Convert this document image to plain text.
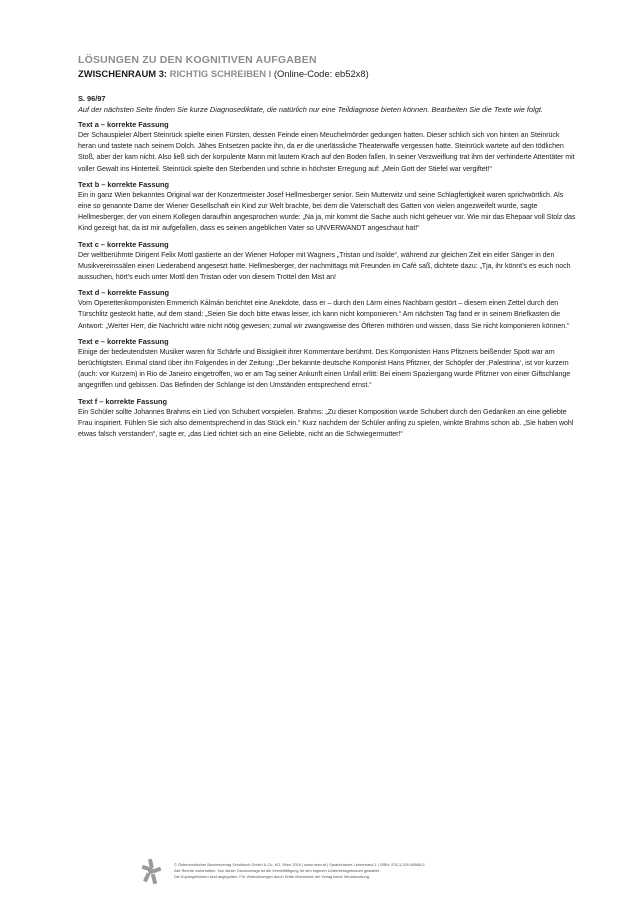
LÖSUNGEN ZU DEN KOGNITIVEN AUFGABEN
ZWISCHENRAUM 3: RICHTIG SCHREIBEN I (Online-Code: eb52x8)

S. 96/97

Auf der nächsten Seite finden Sie kurze Diagnosediktate, die natürlich nur eine Teildiagnose bieten können. Bearbeiten Sie die Texte wie folgt.

Text a – korrekte Fassung

Der Schauspieler Albert Steinrück spielte einen Fürsten, dessen Feinde einen Meuchelmörder gedungen hatten. Dieser schlich sich von hinten an Steinrück heran und tastete nach seinem Dolch. Jähes Entsetzen packte ihn, da er die unerlässliche Theaterwaffe vergessen hatte. Steinrück wartete auf den tödlichen Stoß, aber der kam nicht. Also ließ sich der korpulente Mann mit lautem Krach auf den Boden fallen. In seiner Verzweiflung trat ihm der verhinderte Attentäter mit voller Gewalt ins Hinterteil. Steinrück spielte den Sterbenden und schrie in höchster Erregung auf: „Mein Gott der Stiefel war vergiftet!“

Text b – korrekte Fassung

Ein in ganz Wien bekanntes Original war der Konzertmeister Josef Hellmesberger senior. Sein Mutterwitz und seine Schlagfertigkeit waren sprichwörtlich. Als eine so genannte Dame der Wiener Gesellschaft ein Kind zur Welt brachte, bei dem die Vaterschaft des Gatten von vielen angezweifelt wurde, sagte Hellmesberger, der von einem Kollegen daraufhin angesprochen wurde: „Na ja, mir kommt die Sache auch nicht geheuer vor. Wie mir das Ehepaar voll Stolz das Kind gezeigt hat, da ist mir aufgefallen, dass es seinen angeblichen Vater so UNVERWANDT angeschaut hat!“

Text c – korrekte Fassung

Der weltberühmte Dirigent Felix Mottl gastierte an der Wiener Hofoper mit Wagners „Tristan und Isolde“, während zur gleichen Zeit ein eitler Sänger in den Musikvereinssälen einen Liederabend angesetzt hatte. Hellmesberger, der nachmittags mit Freunden im Café saß, dichtete dazu: „Tja, ihr könnt’s es euch noch aussuchen, hört’s euch unter Mottl den Tristan oder von diesem Trottel den Mist an!

Text d – korrekte Fassung

Vom Operettenkomponisten Emmerich Kálmán berichtet eine Anekdote, dass er – durch den Lärm eines Nachbarn gestört – diesem einen Zettel durch den Türschlitz gesteckt hatte, auf dem stand: „Seien Sie doch bitte etwas leiser, ich kann nicht komponieren.“ Am nächsten Tag fand er in seinem Briefkasten die Antwort: „Werter Herr, die Nachricht wäre nicht nötig gewesen; zumal wir zwangsweise des Öfteren mithören und wissen, dass Sie nicht komponieren können.“

Text e – korrekte Fassung

Einige der bedeutendsten Musiker waren für Schärfe und Bissigkeit ihrer Kommentare berühmt. Des Komponisten Hans Pfitzners beißender Spott war am berüchtigtsten. Einmal stand über ihn Folgendes in der Zeitung: „Der bekannte deutsche Komponist Hans Pfitzner, der Schöpfer der ‚Palestrina‘, ist vor kurzem (auch: vor Kurzem) in Rio de Janeiro eingetroffen, wo er am Tag seiner Ankunft einen Unfall erlitt: Bei einem Spaziergang wurde Pfitzner von einer Giftschlange angegriffen und gebissen. Das Befinden der Schlange ist den Umständen entsprechend ernst.“

Text f – korrekte Fassung

Ein Schüler sollte Johannes Brahms ein Lied von Schubert vorspielen. Brahms: „Zu dieser Komposition wurde Schubert durch den Gedanken an eine geliebte Frau inspiriert. Fühlen Sie sich also dementsprechend in das Stück ein.“ Kurz nachdem der Schüler anfing zu spielen, winkte Brahms schon ab. „Sie haben wohl etwas falsch verstanden“, sagte er, „das Lied richtet sich an eine Geliebte, nicht an die Schwiegermutter!“

© Österreichischer Bundesverlag Schulbuch GmbH & Co. KG, Wien 2016 | www.oebv.at | Sprachräume Lehrerband 1 | ISBN: 978-3-209-08868-0
Alle Rechte vorbehalten. Von dieser Druckvorlage ist die Vervielfältigung für den eigenen Unterrichtsgebrauch gestattet.
Die Kopiergebühren sind abgegolten. Für Veränderungen durch Dritte übernimmt der Verlag keine Verantwortung.
